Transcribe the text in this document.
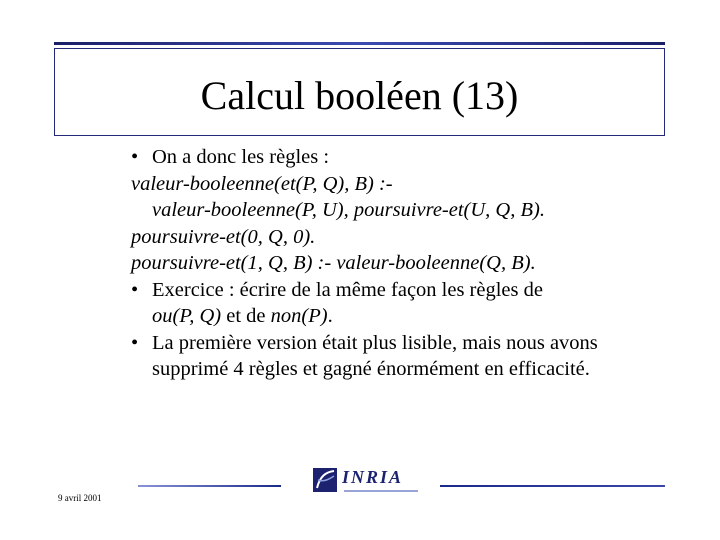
Calcul booléen (13)
• On a donc les règles :
valeur-booleenne(et(P, Q), B) :-
valeur-booleenne(P, U), poursuivre-et(U, Q, B).
poursuivre-et(0, Q, 0).
poursuivre-et(1, Q, B) :- valeur-booleenne(Q, B).
• Exercice : écrire de la même façon les règles de
ou(P, Q) et de non(P).
• La première version était plus lisible, mais nous avons supprimé 4 règles et gagné énormément en efficacité.
INRIA
9 avril 2001
